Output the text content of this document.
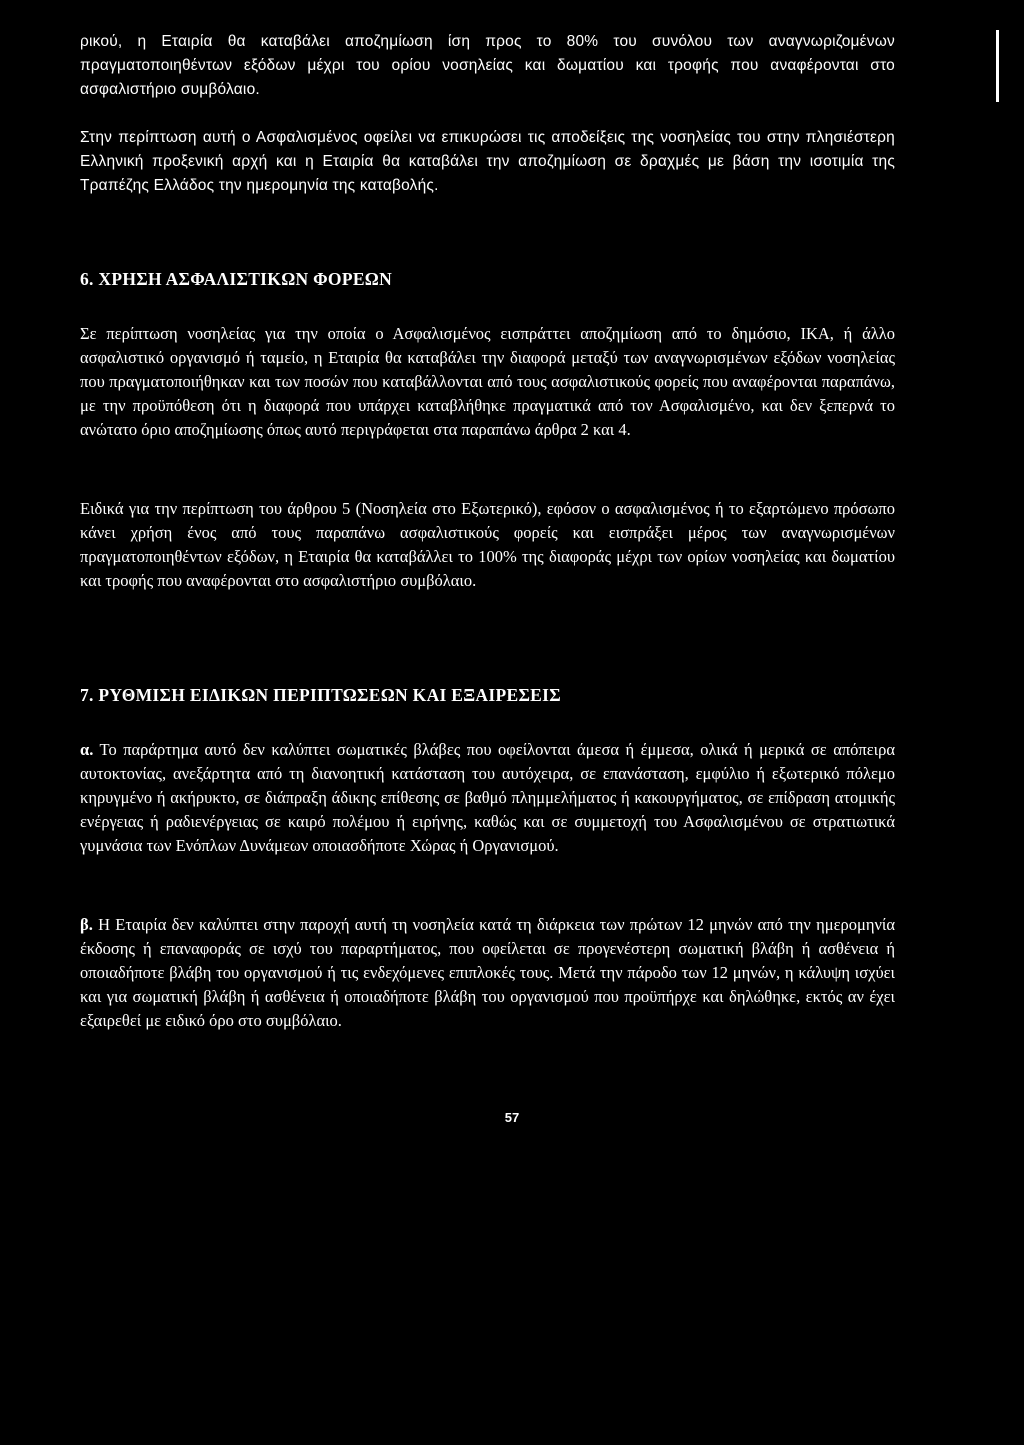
ρικού, η Εταιρία θα καταβάλει αποζημίωση ίση προς το 80% του συνόλου των αναγνωριζομένων πραγματοποιηθέντων εξόδων μέχρι του ορίου νοσηλείας και δωματίου και τροφής που αναφέρονται στο ασφαλιστήριο συμβόλαιο.

Στην περίπτωση αυτή ο Ασφαλισμένος οφείλει να επικυρώσει τις αποδείξεις της νοσηλείας του στην πλησιέστερη Ελληνική προξενική αρχή και η Εταιρία θα καταβάλει την αποζημίωση σε δραχμές με βάση την ισοτιμία της Τραπέζης Ελλάδος την ημερομηνία της καταβολής.

6. ΧΡΗΣΗ ΑΣΦΑΛΙΣΤΙΚΩΝ ΦΟΡΕΩΝ

Σε περίπτωση νοσηλείας για την οποία ο Ασφαλισμένος εισπράττει αποζημίωση από το δημόσιο, ΙΚΑ, ή άλλο ασφαλιστικό οργανισμό ή ταμείο, η Εταιρία θα καταβάλει την διαφορά μεταξύ των αναγνωρισμένων εξόδων νοσηλείας που πραγματοποιήθηκαν και των ποσών που καταβάλλονται από τους ασφαλιστικούς φορείς που αναφέρονται παραπάνω, με την προϋπόθεση ότι η διαφορά που υπάρχει καταβλήθηκε πραγματικά από τον Ασφαλισμένο, και δεν ξεπερνά το ανώτατο όριο αποζημίωσης όπως αυτό περιγράφεται στα παραπάνω άρθρα 2 και 4.

Ειδικά για την περίπτωση του άρθρου 5 (Νοσηλεία στο Εξωτερικό), εφόσον ο ασφαλισμένος ή το εξαρτώμενο πρόσωπο κάνει χρήση ένος από τους παραπάνω ασφαλιστικούς φορείς και εισπράξει μέρος των αναγνωρισμένων πραγματοποιηθέντων εξόδων, η Εταιρία θα καταβάλλει το 100% της διαφοράς μέχρι των ορίων νοσηλείας και δωματίου και τροφής που αναφέρονται στο ασφαλιστήριο συμβόλαιο.

7. ΡΥΘΜΙΣΗ ΕΙΔΙΚΩΝ ΠΕΡΙΠΤΩΣΕΩΝ ΚΑΙ ΕΞΑΙΡΕΣΕΙΣ

α. Το παράρτημα αυτό δεν καλύπτει σωματικές βλάβες που οφείλονται άμεσα ή έμμεσα, ολικά ή μερικά σε απόπειρα αυτοκτονίας, ανεξάρτητα από τη διανοητική κατάσταση του αυτόχειρα, σε επανάσταση, εμφύλιο ή εξωτερικό πόλεμο κηρυγμένο ή ακήρυκτο, σε διάπραξη άδικης επίθεσης σε βαθμό πλημμελήματος ή κακουργήματος, σε επίδραση ατομικής ενέργειας ή ραδιενέργειας σε καιρό πολέμου ή ειρήνης, καθώς και σε συμμετοχή του Ασφαλισμένου σε στρατιωτικά γυμνάσια των Ενόπλων Δυνάμεων οποιασδήποτε Χώρας ή Οργανισμού.

β. Η Εταιρία δεν καλύπτει στην παροχή αυτή τη νοσηλεία κατά τη διάρκεια των πρώτων 12 μηνών από την ημερομηνία έκδοσης ή επαναφοράς σε ισχύ του παραρτήματος, που οφείλεται σε προγενέστερη σωματική βλάβη ή ασθένεια ή οποιαδήποτε βλάβη του οργανισμού ή τις ενδεχόμενες επιπλοκές τους. Μετά την πάροδο των 12 μηνών, η κάλυψη ισχύει και για σωματική βλάβη ή ασθένεια ή οποιαδήποτε βλάβη του οργανισμού που προϋπήρχε και δηλώθηκε, εκτός αν έχει εξαιρεθεί με ειδικό όρο στο συμβόλαιο.

57
